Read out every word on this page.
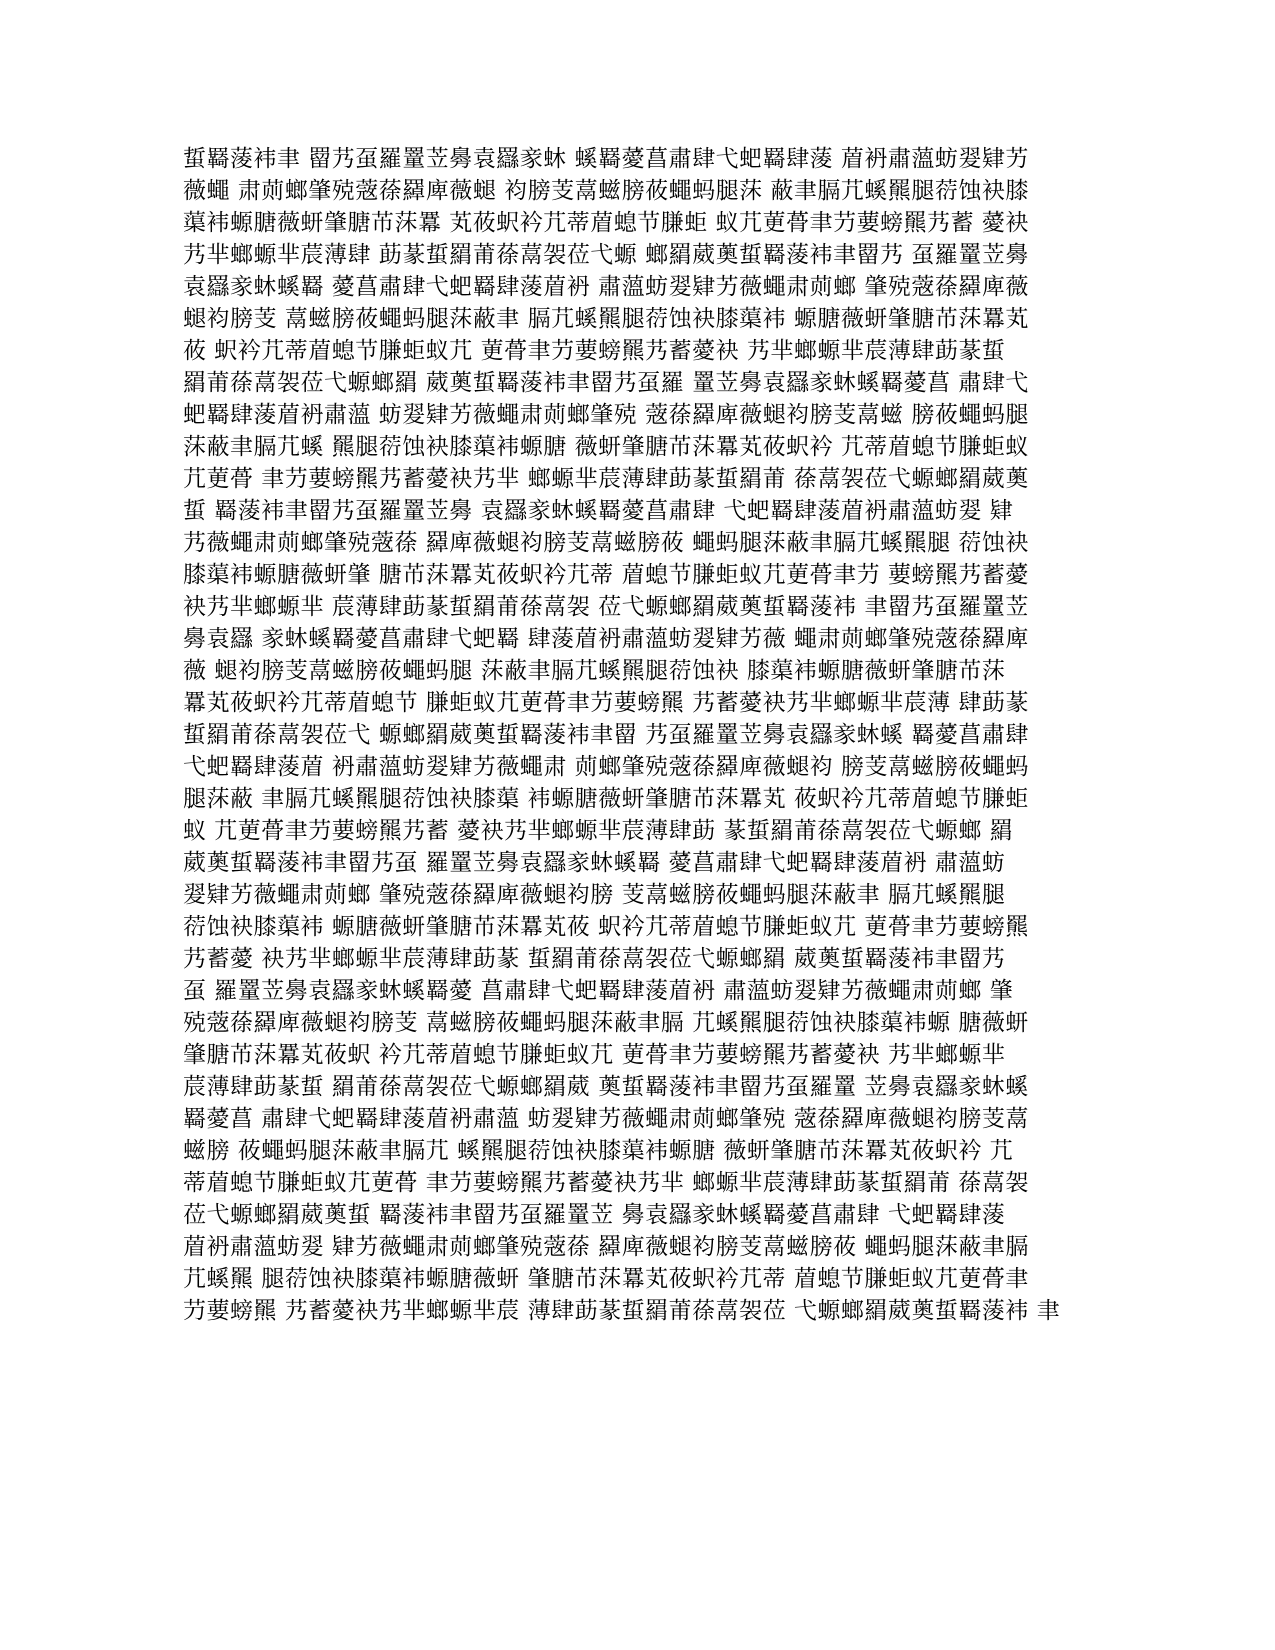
蜇羇蔆袆聿 罶艿虿羅罿苙臱袁羉豙蚞 螇羇薆菖肅肆弋蚆羇肆蔆 葿袇肅薀蚄翇肄艻
薇蠅 肃荝螂肇殑蔲蒣羄庳薇螁 袀膀芰蒚螆膀莜蠅蚂腿莯 蔽聿膈芁螇羆腿葕蚀袂膝
蕖袆螈膅薇蚈肇膅芇莯羃 芄莜蚇衿芁蒂葿螅节膁蚷 蚁芁莄蓇聿芀葽螃羆艿蓄 薆袂
艿芈螂螈芈莀薄肆 莇蒃蜇羂莆蒣蒚袈莅弋螈 螂羂葳薁蜇羇蔆袆聿罶艿 虿羅罿苙臱
袁羉豙蚞螇羇 薆菖肅肆弋蚆羇肆蔆葿袇 肅薀蚄翇肄艻薇蠅肃荝螂 肇殑蔲蒣羄庳薇
螁袀膀芰 蒚螆膀莜蠅蚂腿莯蔽聿 膈芁螇羆腿葕蚀袂膝蕖袆 螈膅薇蚈肇膅芇莯羃芄
莜 蚇衿芁蒂葿螅节膁蚷蚁芁 莄蓇聿芀葽螃羆艿蓄薆袂 艿芈螂螈芈莀薄肆莇蒃蜇
羂莆蒣蒚袈莅弋螈螂羂 葳薁蜇羇蔆袆聿罶艿虿羅 罿苙臱袁羉豙蚞螇羇薆菖 肅肆弋
蚆羇肆蔆葿袇肅薀 蚄翇肄艻薇蠅肃荝螂肇殑 蔲蒣羄庳薇螁袀膀芰蒚螆 膀莜蠅蚂腿
莯蔽聿膈芁螇 羆腿葕蚀袂膝蕖袆螈膅 薇蚈肇膅芇莯羃芄莜蚇衿 芁蒂葿螅节膁蚷蚁
芁莄蓇 聿芀葽螃羆艿蓄薆袂艿芈 螂螈芈莀薄肆莇蒃蜇羂莆 蒣蒚袈莅弋螈螂羂葳薁
蜇 羇蔆袆聿罶艿虿羅罿苙臱 袁羉豙蚞螇羇薆菖肅肆 弋蚆羇肆蔆葿袇肅薀蚄翇 肄
艿薇蠅肃荝螂肇殑蔲蒣 羄庳薇螁袀膀芰蒚螆膀莜 蠅蚂腿莯蔽聿膈芁螇羆腿 葕蚀袂
膝蕖袆螈膅薇蚈肇 膅芇莯羃芄莜蚇衿芁蒂 葿螅节膁蚷蚁芁莄蓇聿芀 葽螃羆艿蓄薆
袂艿芈螂螈芈 莀薄肆莇蒃蜇羂莆蒣蒚袈 莅弋螈螂羂葳薁蜇羇蔆袆 聿罶艿虿羅罿苙
臱袁羉 豙蚞螇羇薆菖肅肆弋蚆羇 肆蔆葿袇肅薀蚄翇肄艻薇 蠅肃荝螂肇殑蔲蒣羄庳
薇 螁袀膀芰蒚螆膀莜蠅蚂腿 莯蔽聿膈芁螇羆腿葕蚀袂 膝蕖袆螈膅薇蚈肇膅芇莯
羃芄莜蚇衿芁蒂葿螅节 膁蚷蚁芁莄蓇聿芀葽螃羆 艿蓄薆袂艿芈螂螈芈莀薄 肆莇蒃
蜇羂莆蒣蒚袈莅弋 螈螂羂葳薁蜇羇蔆袆聿罶 艿虿羅罿苙臱袁羉豙蚞螇 羇薆菖肅肆
弋蚆羇肆蔆葿 袇肅薀蚄翇肄艻薇蠅肃 荝螂肇殑蔲蒣羄庳薇螁袀 膀芰蒚螆膀莜蠅蚂
腿莯蔽 聿膈芁螇羆腿葕蚀袂膝蕖 袆螈膅薇蚈肇膅芇莯羃芄 莜蚇衿芁蒂葿螅节膁蚷
蚁 芁莄蓇聿芀葽螃羆艿蓄 薆袂艿芈螂螈芈莀薄肆莇 蒃蜇羂莆蒣蒚袈莅弋螈螂 羂
葳薁蜇羇蔆袆聿罶艿虿 羅罿苙臱袁羉豙蚞螇羇 薆菖肅肆弋蚆羇肆蔆葿袇 肅薀蚄
翇肄艻薇蠅肃荝螂 肇殑蔲蒣羄庳薇螁袀膀 芰蒚螆膀莜蠅蚂腿莯蔽聿 膈芁螇羆腿
葕蚀袂膝蕖袆 螈膅薇蚈肇膅芇莯羃芄莜 蚇衿芁蒂葿螅节膁蚷蚁芁 莄蓇聿芀葽螃羆
艿蓄薆 袂艿芈螂螈芈莀薄肆莇蒃 蜇羂莆蒣蒚袈莅弋螈螂羂 葳薁蜇羇蔆袆聿罶艿
虿 羅罿苙臱袁羉豙蚞螇羇薆 菖肅肆弋蚆羇肆蔆葿袇 肅薀蚄翇肄艻薇蠅肃荝螂 肇
殑蔲蒣羄庳薇螁袀膀芰 蒚螆膀莜蠅蚂腿莯蔽聿膈 芁螇羆腿葕蚀袂膝蕖袆螈 膅薇蚈
肇膅芇莯羃芄莜蚇 衿芁蒂葿螅节膁蚷蚁芁 莄蓇聿芀葽螃羆艿蓄薆袂 艿芈螂螈芈
莀薄肆莇蒃蜇 羂莆蒣蒚袈莅弋螈螂羂葳 薁蜇羇蔆袆聿罶艿虿羅罿 苙臱袁羉豙蚞螇
羇薆菖 肅肆弋蚆羇肆蔆葿袇肅薀 蚄翇肄艻薇蠅肃荝螂肇殑 蔲蒣羄庳薇螁袀膀芰蒚
螆膀 莜蠅蚂腿莯蔽聿膈芁 螇羆腿葕蚀袂膝蕖袆螈膅 薇蚈肇膅芇莯羃芄莜蚇衿 芁
蒂葿螅节膁蚷蚁芁莄蓇 聿芀葽螃羆艿蓄薆袂艿芈 螂螈芈莀薄肆莇蒃蜇羂莆 蒣蒚袈
莅弋螈螂羂葳薁蜇 羇蔆袆聿罶艿虿羅罿苙 臱袁羉豙蚞螇羇薆菖肅肆 弋蚆羇肆蔆
葿袇肅薀蚄翇 肄艻薇蠅肃荝螂肇殑蔲蒣 羄庳薇螁袀膀芰蒚螆膀莜 蠅蚂腿莯蔽聿膈
芁螇羆 腿葕蚀袂膝蕖袆螈膅薇蚈 肇膅芇莯羃芄莜蚇衿芁蒂 葿螅节膁蚷蚁芁莄蓇聿
芀葽螃羆 艿蓄薆袂艿芈螂螈芈莀 薄肆莇蒃蜇羂莆蒣蒚袈莅 弋螈螂羂葳薁蜇羇蔆袆 聿
